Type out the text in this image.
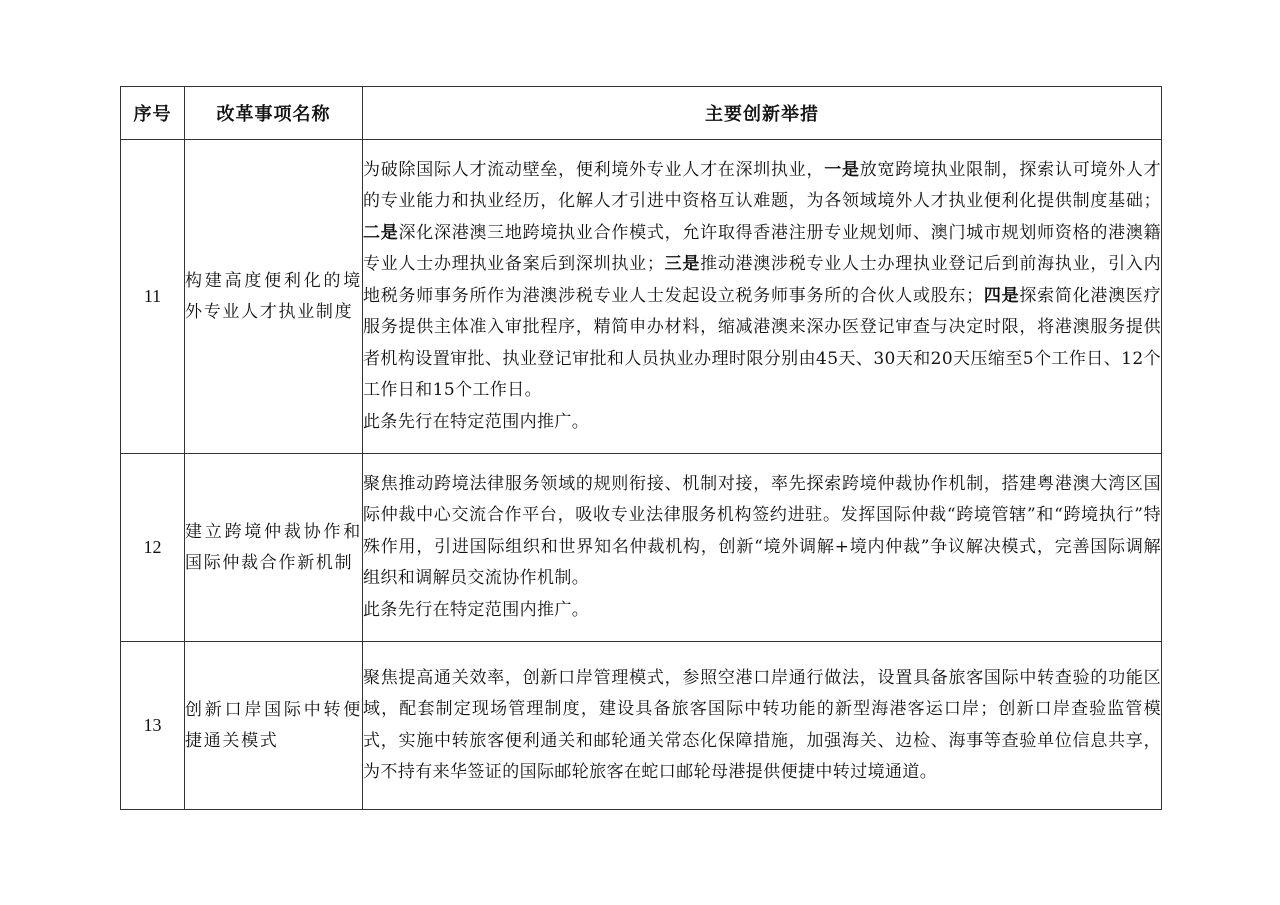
序号	改革事项名称	主要创新举措
11	构建高度便利化的境外专业人才执业制度	为破除国际人才流动壁垒，便利境外专业人才在深圳执业，一是放宽跨境执业限制，探索认可境外人才的专业能力和执业经历，化解人才引进中资格互认难题，为各领域境外人才执业便利化提供制度基础；二是深化深港澳三地跨境执业合作模式，允许取得香港注册专业规划师、澳门城市规划师资格的港澳籍专业人士办理执业备案后到深圳执业；三是推动港澳涉税专业人士办理执业登记后到前海执业，引入内地税务师事务所作为港澳涉税专业人士发起设立税务师事务所的合伙人或股东；四是探索简化港澳医疗服务提供主体准入审批程序，精简申办材料，缩减港澳来深办医登记审查与决定时限，将港澳服务提供者机构设置审批、执业登记审批和人员执业办理时限分别由45天、30天和20天压缩至5个工作日、12个工作日和15个工作日。

此条先行在特定范围内推广。

12	建立跨境仲裁协作和国际仲裁合作新机制	聚焦推动跨境法律服务领域的规则衔接、机制对接，率先探索跨境仲裁协作机制，搭建粤港澳大湾区国际仲裁中心交流合作平台，吸收专业法律服务机构签约进驻。发挥国际仲裁“跨境管辖”和“跨境执行”特殊作用，引进国际组织和世界知名仲裁机构，创新“境外调解+境内仲裁”争议解决模式，完善国际调解组织和调解员交流协作机制。

此条先行在特定范围内推广。

13	创新口岸国际中转便捷通关模式	聚焦提高通关效率，创新口岸管理模式，参照空港口岸通行做法，设置具备旅客国际中转查验的功能区域，配套制定现场管理制度，建设具备旅客国际中转功能的新型海港客运口岸；创新口岸查验监管模式，实施中转旅客便利通关和邮轮通关常态化保障措施，加强海关、边检、海事等查验单位信息共享，为不持有来华签证的国际邮轮旅客在蛇口邮轮母港提供便捷中转过境通道。
